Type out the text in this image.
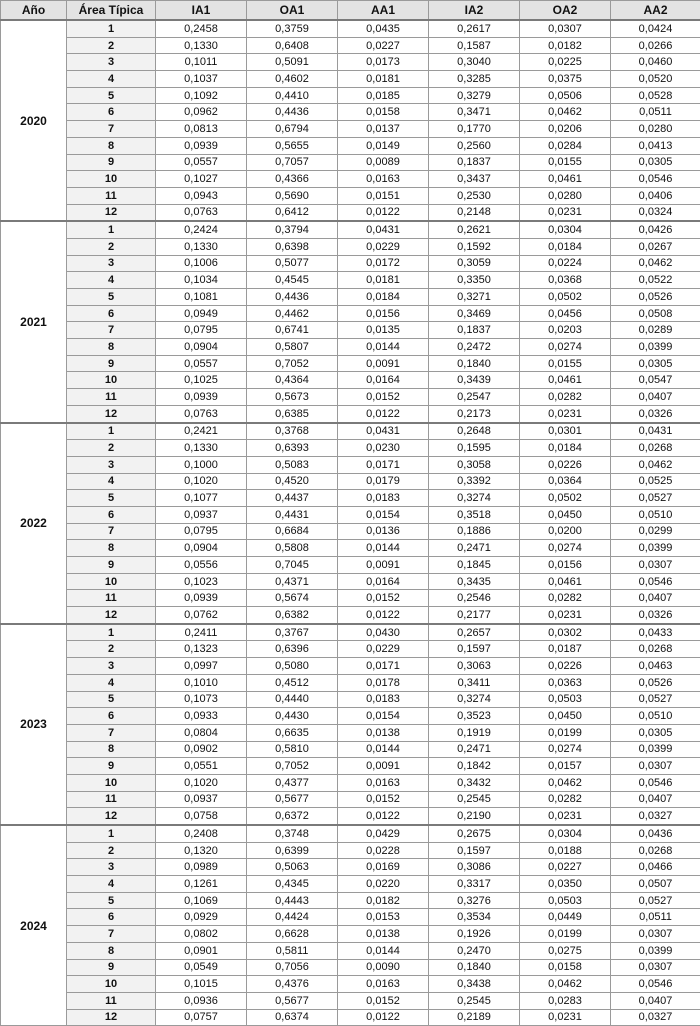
Año	Área Típica	IA1	OA1	AA1	IA2	OA2	AA2
2020	1	0,2458	0,3759	0,0435	0,2617	0,0307	0,0424
	2	0,1330	0,6408	0,0227	0,1587	0,0182	0,0266
	3	0,1011	0,5091	0,0173	0,3040	0,0225	0,0460
	4	0,1037	0,4602	0,0181	0,3285	0,0375	0,0520
	5	0,1092	0,4410	0,0185	0,3279	0,0506	0,0528
	6	0,0962	0,4436	0,0158	0,3471	0,0462	0,0511
	7	0,0813	0,6794	0,0137	0,1770	0,0206	0,0280
	8	0,0939	0,5655	0,0149	0,2560	0,0284	0,0413
	9	0,0557	0,7057	0,0089	0,1837	0,0155	0,0305
	10	0,1027	0,4366	0,0163	0,3437	0,0461	0,0546
	11	0,0943	0,5690	0,0151	0,2530	0,0280	0,0406
	12	0,0763	0,6412	0,0122	0,2148	0,0231	0,0324
2021	1	0,2424	0,3794	0,0431	0,2621	0,0304	0,0426
	2	0,1330	0,6398	0,0229	0,1592	0,0184	0,0267
	3	0,1006	0,5077	0,0172	0,3059	0,0224	0,0462
	4	0,1034	0,4545	0,0181	0,3350	0,0368	0,0522
	5	0,1081	0,4436	0,0184	0,3271	0,0502	0,0526
	6	0,0949	0,4462	0,0156	0,3469	0,0456	0,0508
	7	0,0795	0,6741	0,0135	0,1837	0,0203	0,0289
	8	0,0904	0,5807	0,0144	0,2472	0,0274	0,0399
	9	0,0557	0,7052	0,0091	0,1840	0,0155	0,0305
	10	0,1025	0,4364	0,0164	0,3439	0,0461	0,0547
	11	0,0939	0,5673	0,0152	0,2547	0,0282	0,0407
	12	0,0763	0,6385	0,0122	0,2173	0,0231	0,0326
2022	1	0,2421	0,3768	0,0431	0,2648	0,0301	0,0431
	2	0,1330	0,6393	0,0230	0,1595	0,0184	0,0268
	3	0,1000	0,5083	0,0171	0,3058	0,0226	0,0462
	4	0,1020	0,4520	0,0179	0,3392	0,0364	0,0525
	5	0,1077	0,4437	0,0183	0,3274	0,0502	0,0527
	6	0,0937	0,4431	0,0154	0,3518	0,0450	0,0510
	7	0,0795	0,6684	0,0136	0,1886	0,0200	0,0299
	8	0,0904	0,5808	0,0144	0,2471	0,0274	0,0399
	9	0,0556	0,7045	0,0091	0,1845	0,0156	0,0307
	10	0,1023	0,4371	0,0164	0,3435	0,0461	0,0546
	11	0,0939	0,5674	0,0152	0,2546	0,0282	0,0407
	12	0,0762	0,6382	0,0122	0,2177	0,0231	0,0326
2023	1	0,2411	0,3767	0,0430	0,2657	0,0302	0,0433
	2	0,1323	0,6396	0,0229	0,1597	0,0187	0,0268
	3	0,0997	0,5080	0,0171	0,3063	0,0226	0,0463
	4	0,1010	0,4512	0,0178	0,3411	0,0363	0,0526
	5	0,1073	0,4440	0,0183	0,3274	0,0503	0,0527
	6	0,0933	0,4430	0,0154	0,3523	0,0450	0,0510
	7	0,0804	0,6635	0,0138	0,1919	0,0199	0,0305
	8	0,0902	0,5810	0,0144	0,2471	0,0274	0,0399
	9	0,0551	0,7052	0,0091	0,1842	0,0157	0,0307
	10	0,1020	0,4377	0,0163	0,3432	0,0462	0,0546
	11	0,0937	0,5677	0,0152	0,2545	0,0282	0,0407
	12	0,0758	0,6372	0,0122	0,2190	0,0231	0,0327
2024	1	0,2408	0,3748	0,0429	0,2675	0,0304	0,0436
	2	0,1320	0,6399	0,0228	0,1597	0,0188	0,0268
	3	0,0989	0,5063	0,0169	0,3086	0,0227	0,0466
	4	0,1261	0,4345	0,0220	0,3317	0,0350	0,0507
	5	0,1069	0,4443	0,0182	0,3276	0,0503	0,0527
	6	0,0929	0,4424	0,0153	0,3534	0,0449	0,0511
	7	0,0802	0,6628	0,0138	0,1926	0,0199	0,0307
	8	0,0901	0,5811	0,0144	0,2470	0,0275	0,0399
	9	0,0549	0,7056	0,0090	0,1840	0,0158	0,0307
	10	0,1015	0,4376	0,0163	0,3438	0,0462	0,0546
	11	0,0936	0,5677	0,0152	0,2545	0,0283	0,0407
	12	0,0757	0,6374	0,0122	0,2189	0,0231	0,0327
